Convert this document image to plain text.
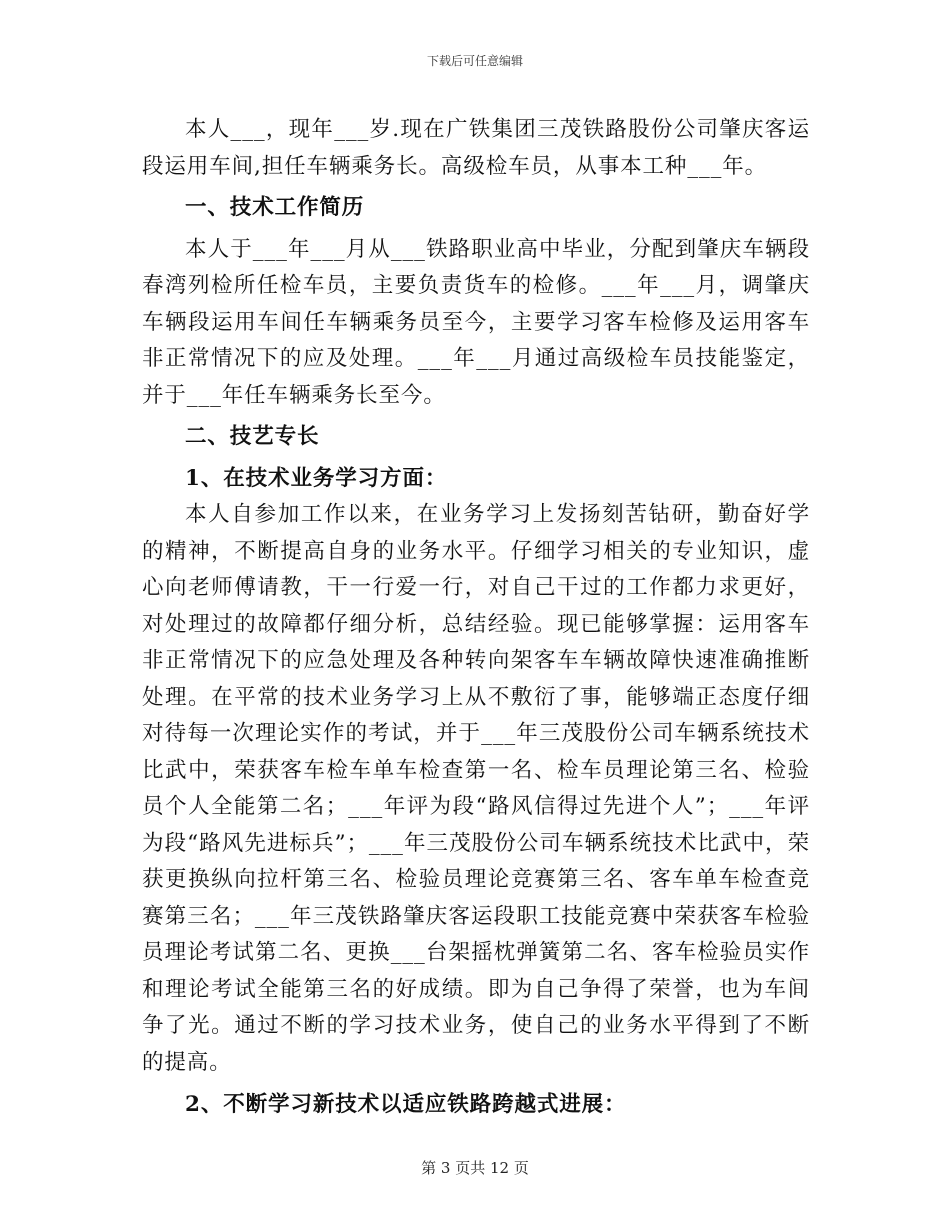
下载后可任意编辑

本人___，现年___岁.现在广铁集团三茂铁路股份公司肇庆客运段运用车间,担任车辆乘务长。高级检车员，从事本工种___年。

一、技术工作简历

本人于___年___月从___铁路职业高中毕业，分配到肇庆车辆段春湾列检所任检车员，主要负责货车的检修。___年___月，调肇庆车辆段运用车间任车辆乘务员至今，主要学习客车检修及运用客车非正常情况下的应及处理。___年___月通过高级检车员技能鉴定，并于___年任车辆乘务长至今。

二、技艺专长

1、在技术业务学习方面：

本人自参加工作以来，在业务学习上发扬刻苦钻研，勤奋好学的精神，不断提高自身的业务水平。仔细学习相关的专业知识，虚心向老师傅请教，干一行爱一行，对自己干过的工作都力求更好，对处理过的故障都仔细分析，总结经验。现已能够掌握：运用客车非正常情况下的应急处理及各种转向架客车车辆故障快速准确推断处理。在平常的技术业务学习上从不敷衍了事，能够端正态度仔细对待每一次理论实作的考试，并于___年三茂股份公司车辆系统技术比武中，荣获客车检车单车检查第一名、检车员理论第三名、检验员个人全能第二名；___年评为段“路风信得过先进个人”；___年评为段“路风先进标兵”；___年三茂股份公司车辆系统技术比武中，荣获更换纵向拉杆第三名、检验员理论竞赛第三名、客车单车检查竞赛第三名；___年三茂铁路肇庆客运段职工技能竞赛中荣获客车检验员理论考试第二名、更换___台架摇枕弹簧第二名、客车检验员实作和理论考试全能第三名的好成绩。即为自己争得了荣誉，也为车间争了光。通过不断的学习技术业务，使自己的业务水平得到了不断的提高。

2、不断学习新技术以适应铁路跨越式进展：

第 3 页共 12 页
